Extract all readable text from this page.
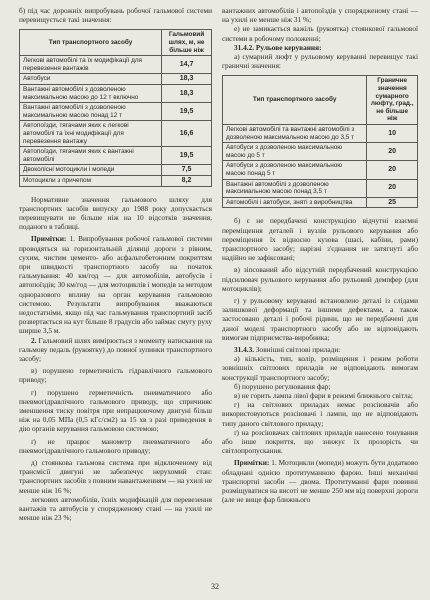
б) під час дорожніх випробувань робочої гальмової системи перевищується такі значення:

Тип транспортного засобу	Гальмовий шлях, м, не більше ніж
Легкові автомобілі та їх модифікації для перевезення вантажів	14,7
Автобуси	18,3
Вантажні автомобілі з дозволеною максимальною масою до 12 т включно	18,3
Вантажні автомобілі з дозволеною максимальною масою понад 12 т	19,5
Автопоїзди, тягачами яких є легкові автомобілі та їхні модифікації для перевезення вантажу	16,6
Автопоїзди, тягачами яких є вантажні автомобілі	19,5
Двоколісні мотоцикли і мопеди	7,5
Мотоцикли з причепом	8,2

Нормативне значення гальмового шляху для транспортних засобів випуску до 1988 року допускається перевищувати не більше ніж на 10 відсотків значення, поданого в таблиці.

Примітки: 1. Випробування робочої гальмової системи проводяться на горизонтальній ділянці дороги з рівним, сухим, чистим цементо- або асфальтобетонним покриттям при швидкості транспортного засобу на початок гальмування: 40 км/год — для автомобілів, автобусів і автопоїздів; 30 км/год — для мотоциклів і мопедів за методом одноразового впливу на орган керування гальмовою системою. Результати випробування вважаються недостатніми, якщо під час гальмування транспортний засіб розвертається на кут більше 8 градусів або займає смугу руху ширше 3,5 м.

2. Гальмовий шлях вимірюється з моменту натискання на гальмову педаль (рукоятку) до повної зупинки транспортного засобу;

в) порушено герметичність гідравлічного гальмового приводу;

г) порушено герметичність пневматичного або пневмогідравлічного гальмового приводу, що спричиняє зменшення тиску повітря при непрацюючому двигуні більш ніж на 0,05 МПа (0,5 кГс/см2) за 15 хв з разі приведення в дію органів керування гальмовою системою;

ґ) не працює манометр пневматичного або пневмогідравлічного гальмового приводу;

д) стоянкова гальмова система при відключеному від трансмісії двигуні не забезпечує нерухомий стан: транспортних засобів з повним навантаженням — на ухилі не менше ніж 16 %;

легкових автомобілів, їхніх модифікацій для перевезення вантажів та автобусів у спорядженому стані — на ухилі не менше ніж 23 %;

вантажних автомобілів і автопоїздів у спорядженому стані — на ухилі не менше ніж 31 %;

е) не замикається важіль (рукоятка) стоянкової гальмової системи в робочому положенні;

31.4.2. Рульове керування:

а) сумарний люфт у рульовому керуванні перевищує такі граничні значення:

Тип транспортного засобу	Граничне значення сумарного люфту, град., не більше ніж
Легкові автомобілі та вантажні автомобілі з дозволеною максимальною масою до 3,5 т	10
Автобуси з дозволеною максимальною масою до 5 т	20
Автобуси з дозволеною максимальною масою понад 5 т	20
Вантажні автомобілі з дозволеною максимальною масою понад 3,5 т	20
Автомобілі і автобуси, зняті з виробництва	25

б) є не передбачені конструкцією відчутні взаємні переміщення деталей і вузлів рульового керування або переміщення їх відносно кузова (шасі, кабіни, рами) транспортного засобу; нарізні з'єднання не затягнуті або надійно не зафіксовані;

в) зіпсований або відсутній передбачений конструкцією підсилювач рульового керування або рульовий демпфер (для мотоциклів);

г) у рульовому керуванні встановлено деталі із слідами залишкової деформації та іншими дефектами, а також застосовано деталі і робочі рідини, що не передбачені для даної моделі транспортного засобу або не відповідають вимогам підприємства-виробника;

31.4.3. Зовнішні світлові прилади:

а) кількість, тип, колір, розміщення і режим роботи зовнішніх світлових приладів не відповідають вимогам конструкції транспортного засобу;

б) порушено регулювання фар;

в) не горить лампа лівої фари в режимі ближнього світла;

г) на світлових приладах немає розсіювачів або використовуються розсіювачі і лампи, що не відповідають типу даного світлового приладу;

ґ) на розсіювачах світлових приладів нанесено тонування або інше покриття, що знижує їх прозорість чи світлопропускання.

Примітки: 1. Мотоцикли (мопеди) можуть бути додатково обладнані однією протитуманною фарою. Інші механічні транспортні засоби — двома. Протитуманні фари повинні розміщуватися на висоті не менше 250 мм від поверхні дороги (але не вище фар ближнього

32
